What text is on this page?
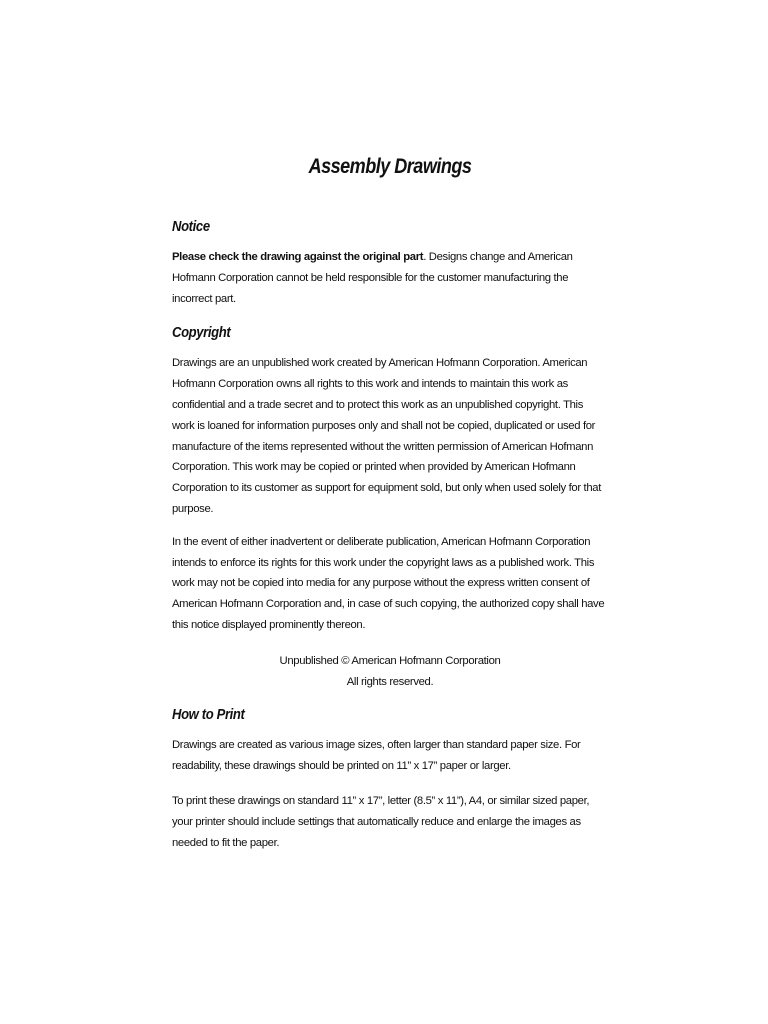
Assembly Drawings
Notice

Please check the drawing against the original part. Designs change and American Hofmann Corporation cannot be held responsible for the customer manufacturing the incorrect part.

Copyright

Drawings are an unpublished work created by American Hofmann Corporation. American Hofmann Corporation owns all rights to this work and intends to maintain this work as confidential and a trade secret and to protect this work as an unpublished copyright. This work is loaned for information purposes only and shall not be copied, duplicated or used for manufacture of the items represented without the written permission of American Hofmann Corporation. This work may be copied or printed when provided by American Hofmann Corporation to its customer as support for equipment sold, but only when used solely for that purpose.

In the event of either inadvertent or deliberate publication, American Hofmann Corporation intends to enforce its rights for this work under the copyright laws as a published work. This work may not be copied into media for any purpose without the express written consent of American Hofmann Corporation and, in case of such copying, the authorized copy shall have this notice displayed prominently thereon.

Unpublished © American Hofmann Corporation
All rights reserved.
How to Print

Drawings are created as various image sizes, often larger than standard paper size. For readability, these drawings should be printed on 11” x 17” paper or larger.

To print these drawings on standard 11” x 17”, letter (8.5” x 11”), A4, or similar sized paper, your printer should include settings that automatically reduce and enlarge the images as needed to fit the paper.
